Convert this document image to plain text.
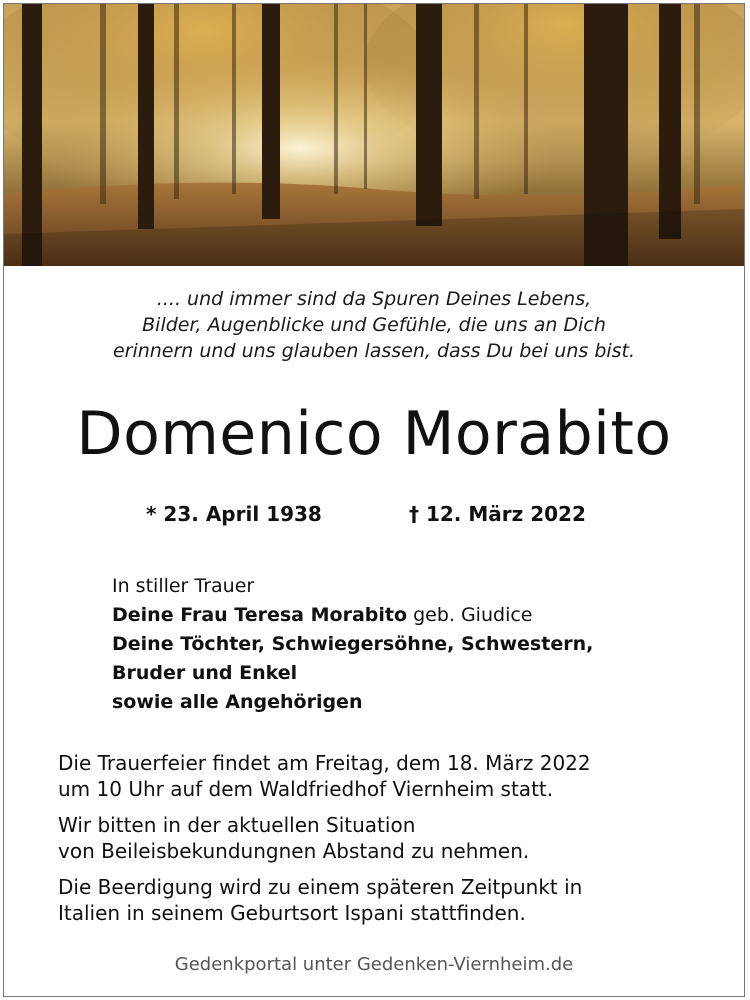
.... und immer sind da Spuren Deines Lebens,
Bilder, Augenblicke und Gefühle, die uns an Dich
erinnern und uns glauben lassen, dass Du bei uns bist.
Domenico Morabito
* 23. April 1938	† 12. März 2022
In stiller Trauer
Deine Frau Teresa Morabito geb. Giudice
Deine Töchter, Schwiegersöhne, Schwestern,
Bruder und Enkel
sowie alle Angehörigen

Die Trauerfeier findet am Freitag, dem 18. März 2022
um 10 Uhr auf dem Waldfriedhof Viernheim statt.

Wir bitten in der aktuellen Situation
von Beileisbekundungnen Abstand zu nehmen.

Die Beerdigung wird zu einem späteren Zeitpunkt in
Italien in seinem Geburtsort Ispani stattfinden.

Gedenkportal unter Gedenken-Viernheim.de
